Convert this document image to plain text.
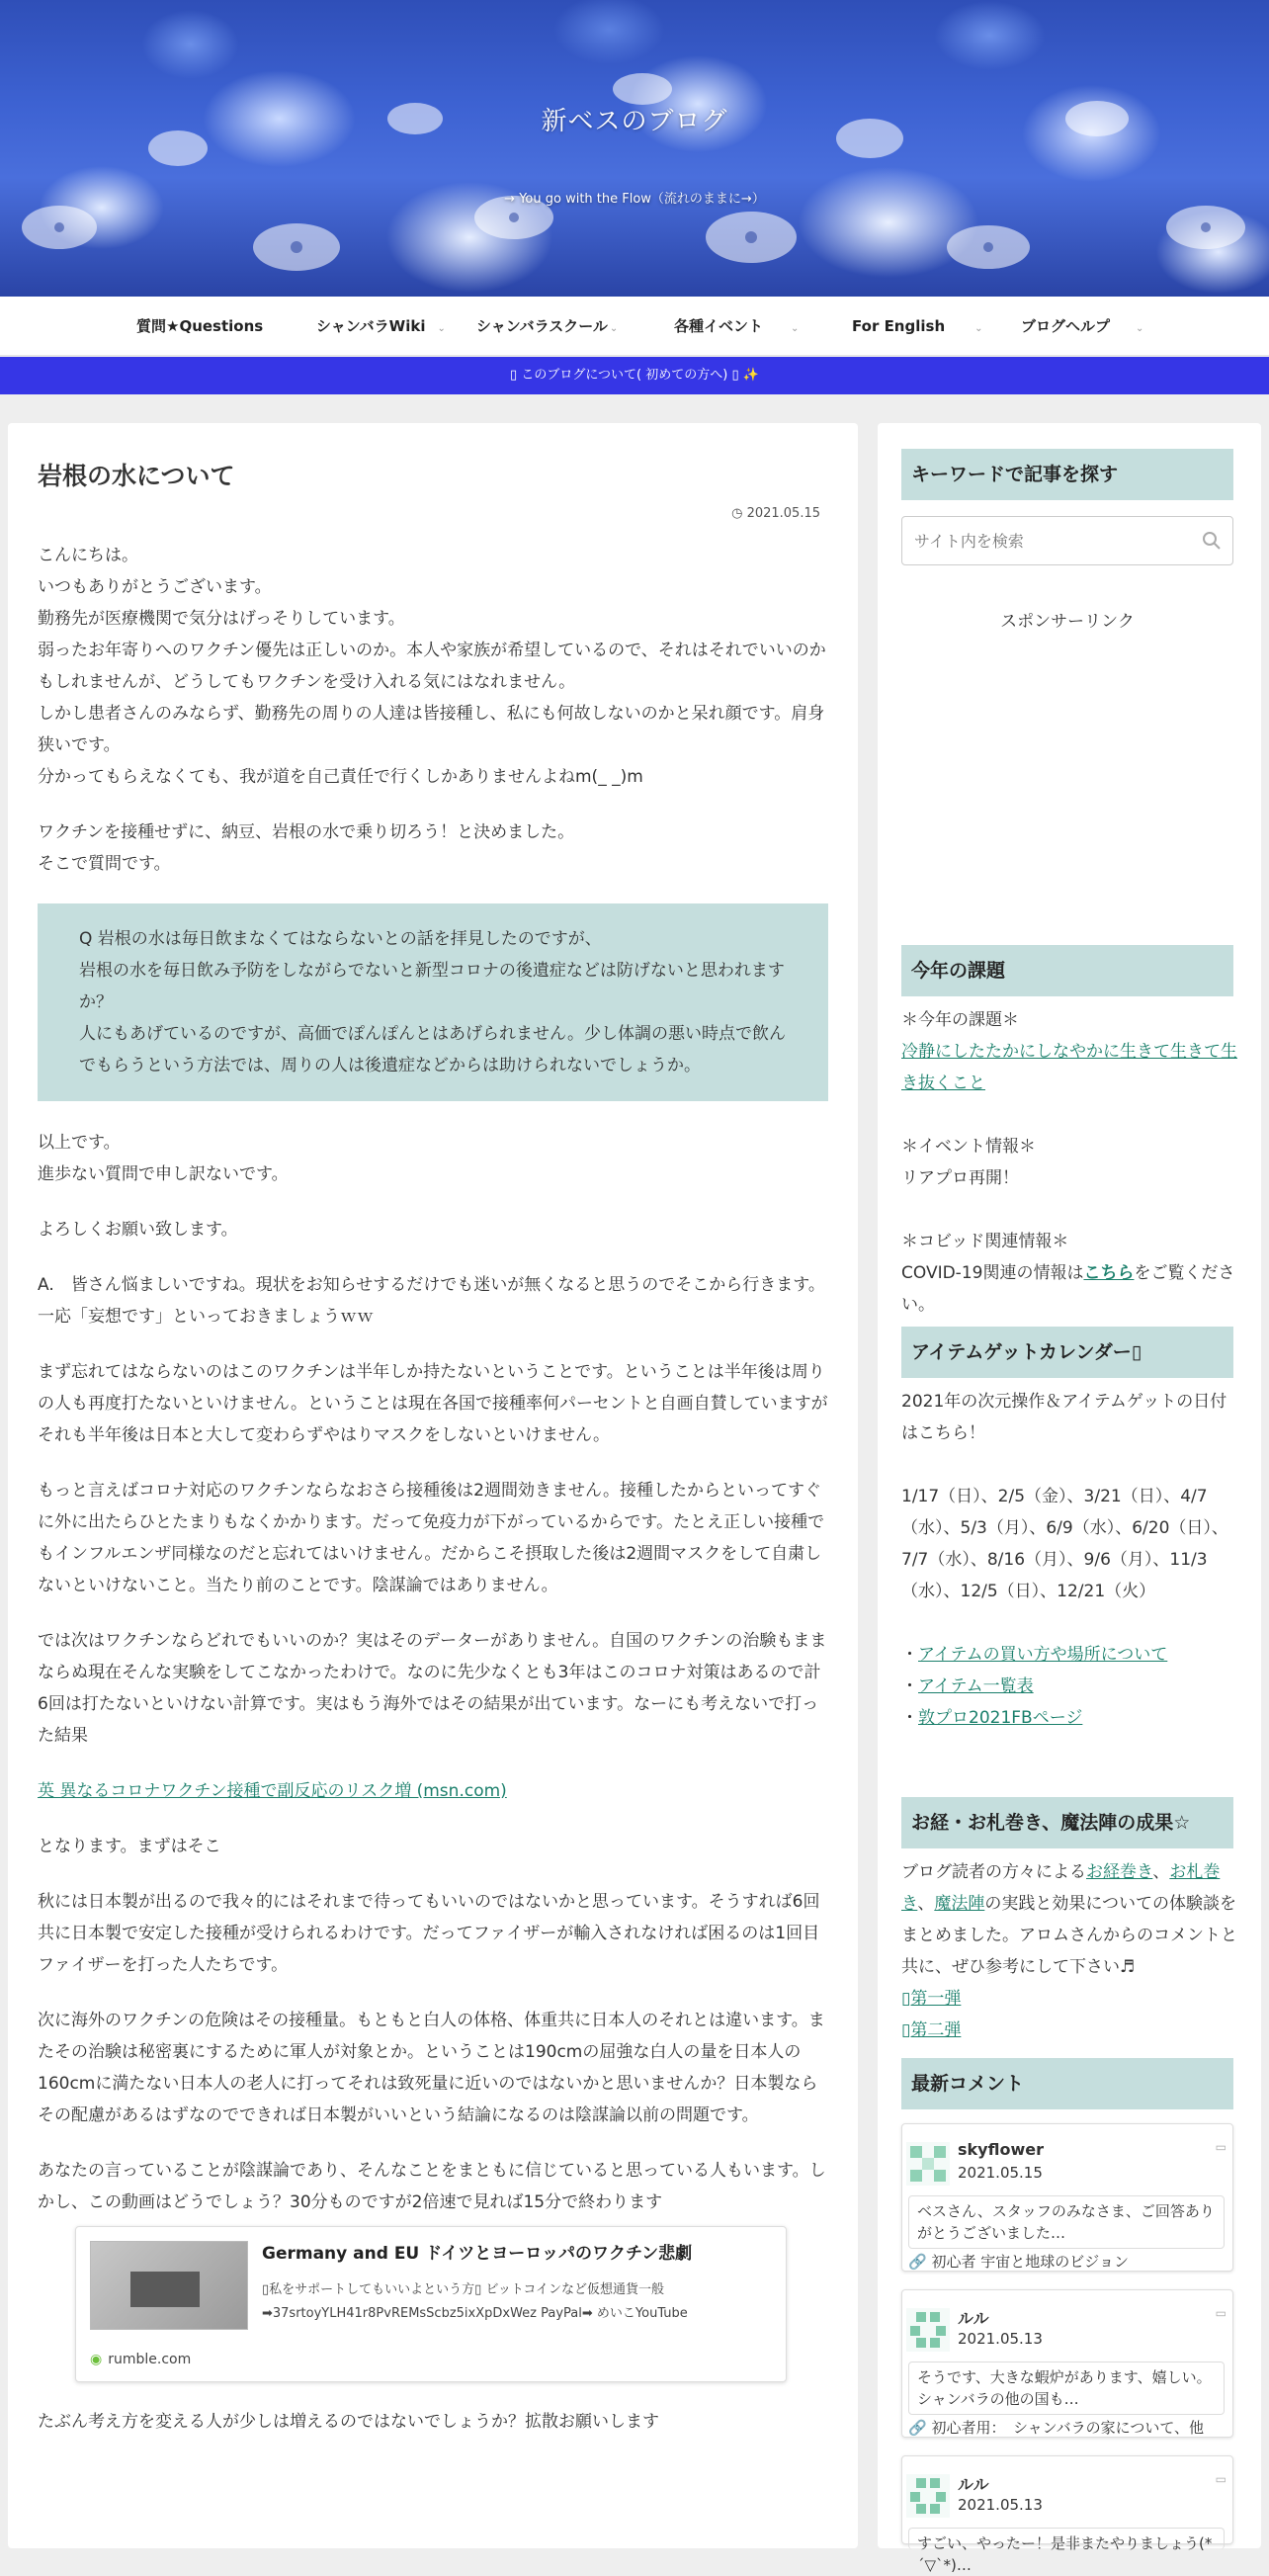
新ベスのブログ
→ You go with the Flow（流れのままに→）
質問★Questions	シャンバラWiki ⌄ シャンバラスクール ⌄	各種イベント	⌄	For English	⌄	ブログヘルプ	⌄
▯ このブログについて( 初めての方へ) ▯ ✨
岩根の水について
◷ 2021.05.15

こんにちは。
いつもありがとうございます。
勤務先が医療機関で気分はげっそりしています。
弱ったお年寄りへのワクチン優先は正しいのか。本人や家族が希望しているので、それはそれでいいのかもしれませんが、どうしてもワクチンを受け入れる気にはなれません。
しかし患者さんのみならず、勤務先の周りの人達は皆接種し、私にも何故しないのかと呆れ顔です。肩身狭いです。
分かってもらえなくても、我が道を自己責任で行くしかありませんよねm(_ _)m

ワクチンを接種せずに、納豆、岩根の水で乗り切ろう！と決めました。
そこで質問です。

Q 岩根の水は毎日飲まなくてはならないとの話を拝見したのですが、
岩根の水を毎日飲み予防をしながらでないと新型コロナの後遺症などは防げないと思われますか？
人にもあげているのですが、高価でぽんぽんとはあげられません。少し体調の悪い時点で飲んでもらうという方法では、周りの人は後遺症などからは助けられないでしょうか。

以上です。
進歩ない質問で申し訳ないです。

よろしくお願い致します。

A.　皆さん悩ましいですね。現状をお知らせするだけでも迷いが無くなると思うのでそこから行きます。一応「妄想です」といっておきましょうｗｗ

まず忘れてはならないのはこのワクチンは半年しか持たないということです。ということは半年後は周りの人も再度打たないといけません。ということは現在各国で接種率何パーセントと自画自賛していますがそれも半年後は日本と大して変わらずやはりマスクをしないといけません。

もっと言えばコロナ対応のワクチンならなおさら接種後は2週間効きません。接種したからといってすぐに外に出たらひとたまりもなくかかります。だって免疫力が下がっているからです。たとえ正しい接種でもインフルエンザ同様なのだと忘れてはいけません。だからこそ摂取した後は2週間マスクをして自粛しないといけないこと。当たり前のことです。陰謀論ではありません。

では次はワクチンならどれでもいいのか？実はそのデーターがありません。自国のワクチンの治験もままならぬ現在そんな実験をしてこなかったわけで。なのに先少なくとも3年はこのコロナ対策はあるので計6回は打たないといけない計算です。実はもう海外ではその結果が出ています。なーにも考えないで打った結果

英 異なるコロナワクチン接種で副反応のリスク増 (msn.com)

となります。まずはそこ

秋には日本製が出るので我々的にはそれまで待ってもいいのではないかと思っています。そうすれば6回共に日本製で安定した接種が受けられるわけです。だってファイザーが輸入されなければ困るのは1回目ファイザーを打った人たちです。

次に海外のワクチンの危険はその接種量。もともと白人の体格、体重共に日本人のそれとは違います。またその治験は秘密裏にするために軍人が対象とか。ということは190cmの屈強な白人の量を日本人の160cmに満たない日本人の老人に打ってそれは致死量に近いのではないかと思いませんか？日本製ならその配慮があるはずなのでできれば日本製がいいという結論になるのは陰謀論以前の問題です。

あなたの言っていることが陰謀論であり、そんなことをまともに信じていると思っている人もいます。しかし、この動画はどうでしょう？30分ものですが2倍速で見れば15分で終わります

Germany and EU ドイツとヨーロッパのワクチン悲劇
▯私をサポートしてもいいよという方▯ ビットコインなど仮想通貨一般➡37srtoyYLH41r8PvREMsScbz5ixXpDxWez PayPal➡ めいこYouTube
◉ rumble.com

たぶん考え方を変える人が少しは増えるのではないでしょうか？拡散お願いします

キーワードで記事を探す
サイト内を検索
スポンサーリンク
今年の課題

＊今年の課題＊

冷静にしたたかにしなやかに生きて生きて生き抜くこと

＊イベント情報＊

リアプロ再開！

＊コビッド関連情報＊

COVID-19関連の情報はこちらをご覧ください。

アイテムゲットカレンダー▯

2021年の次元操作＆アイテムゲットの日付はこちら！

1/17（日）、2/5（金）、3/21（日）、4/7（水）、5/3（月）、6/9（水）、6/20（日）、7/7（水）、8/16（月）、9/6（月）、11/3（水）、12/5（日）、12/21（火）

・アイテムの買い方や場所について

・アイテム一覧表

・敦プロ2021FBページ

お経・お札巻き、魔法陣の成果☆

ブログ読者の方々によるお経巻き、お札巻き、魔法陣の実践と効果についての体験談をまとめました。アロムさんからのコメントと共に、ぜひ参考にして下さい♬

▯第一弾

▯第二弾

最新コメント
skyflower
2021.05.15
▭
ベスさん、スタッフのみなさま、ご回答ありがとうございました…
🔗 初心者 宇宙と地球のビジョン
ルル
2021.05.13
▭
そうです、大きな蝦炉があります、嬉しい。シャンバラの他の国も…
🔗 初心者用：　シャンバラの家について、他
ルル
2021.05.13
▭
すごい、やったー！是非またやりましょう(*´▽`*)…
